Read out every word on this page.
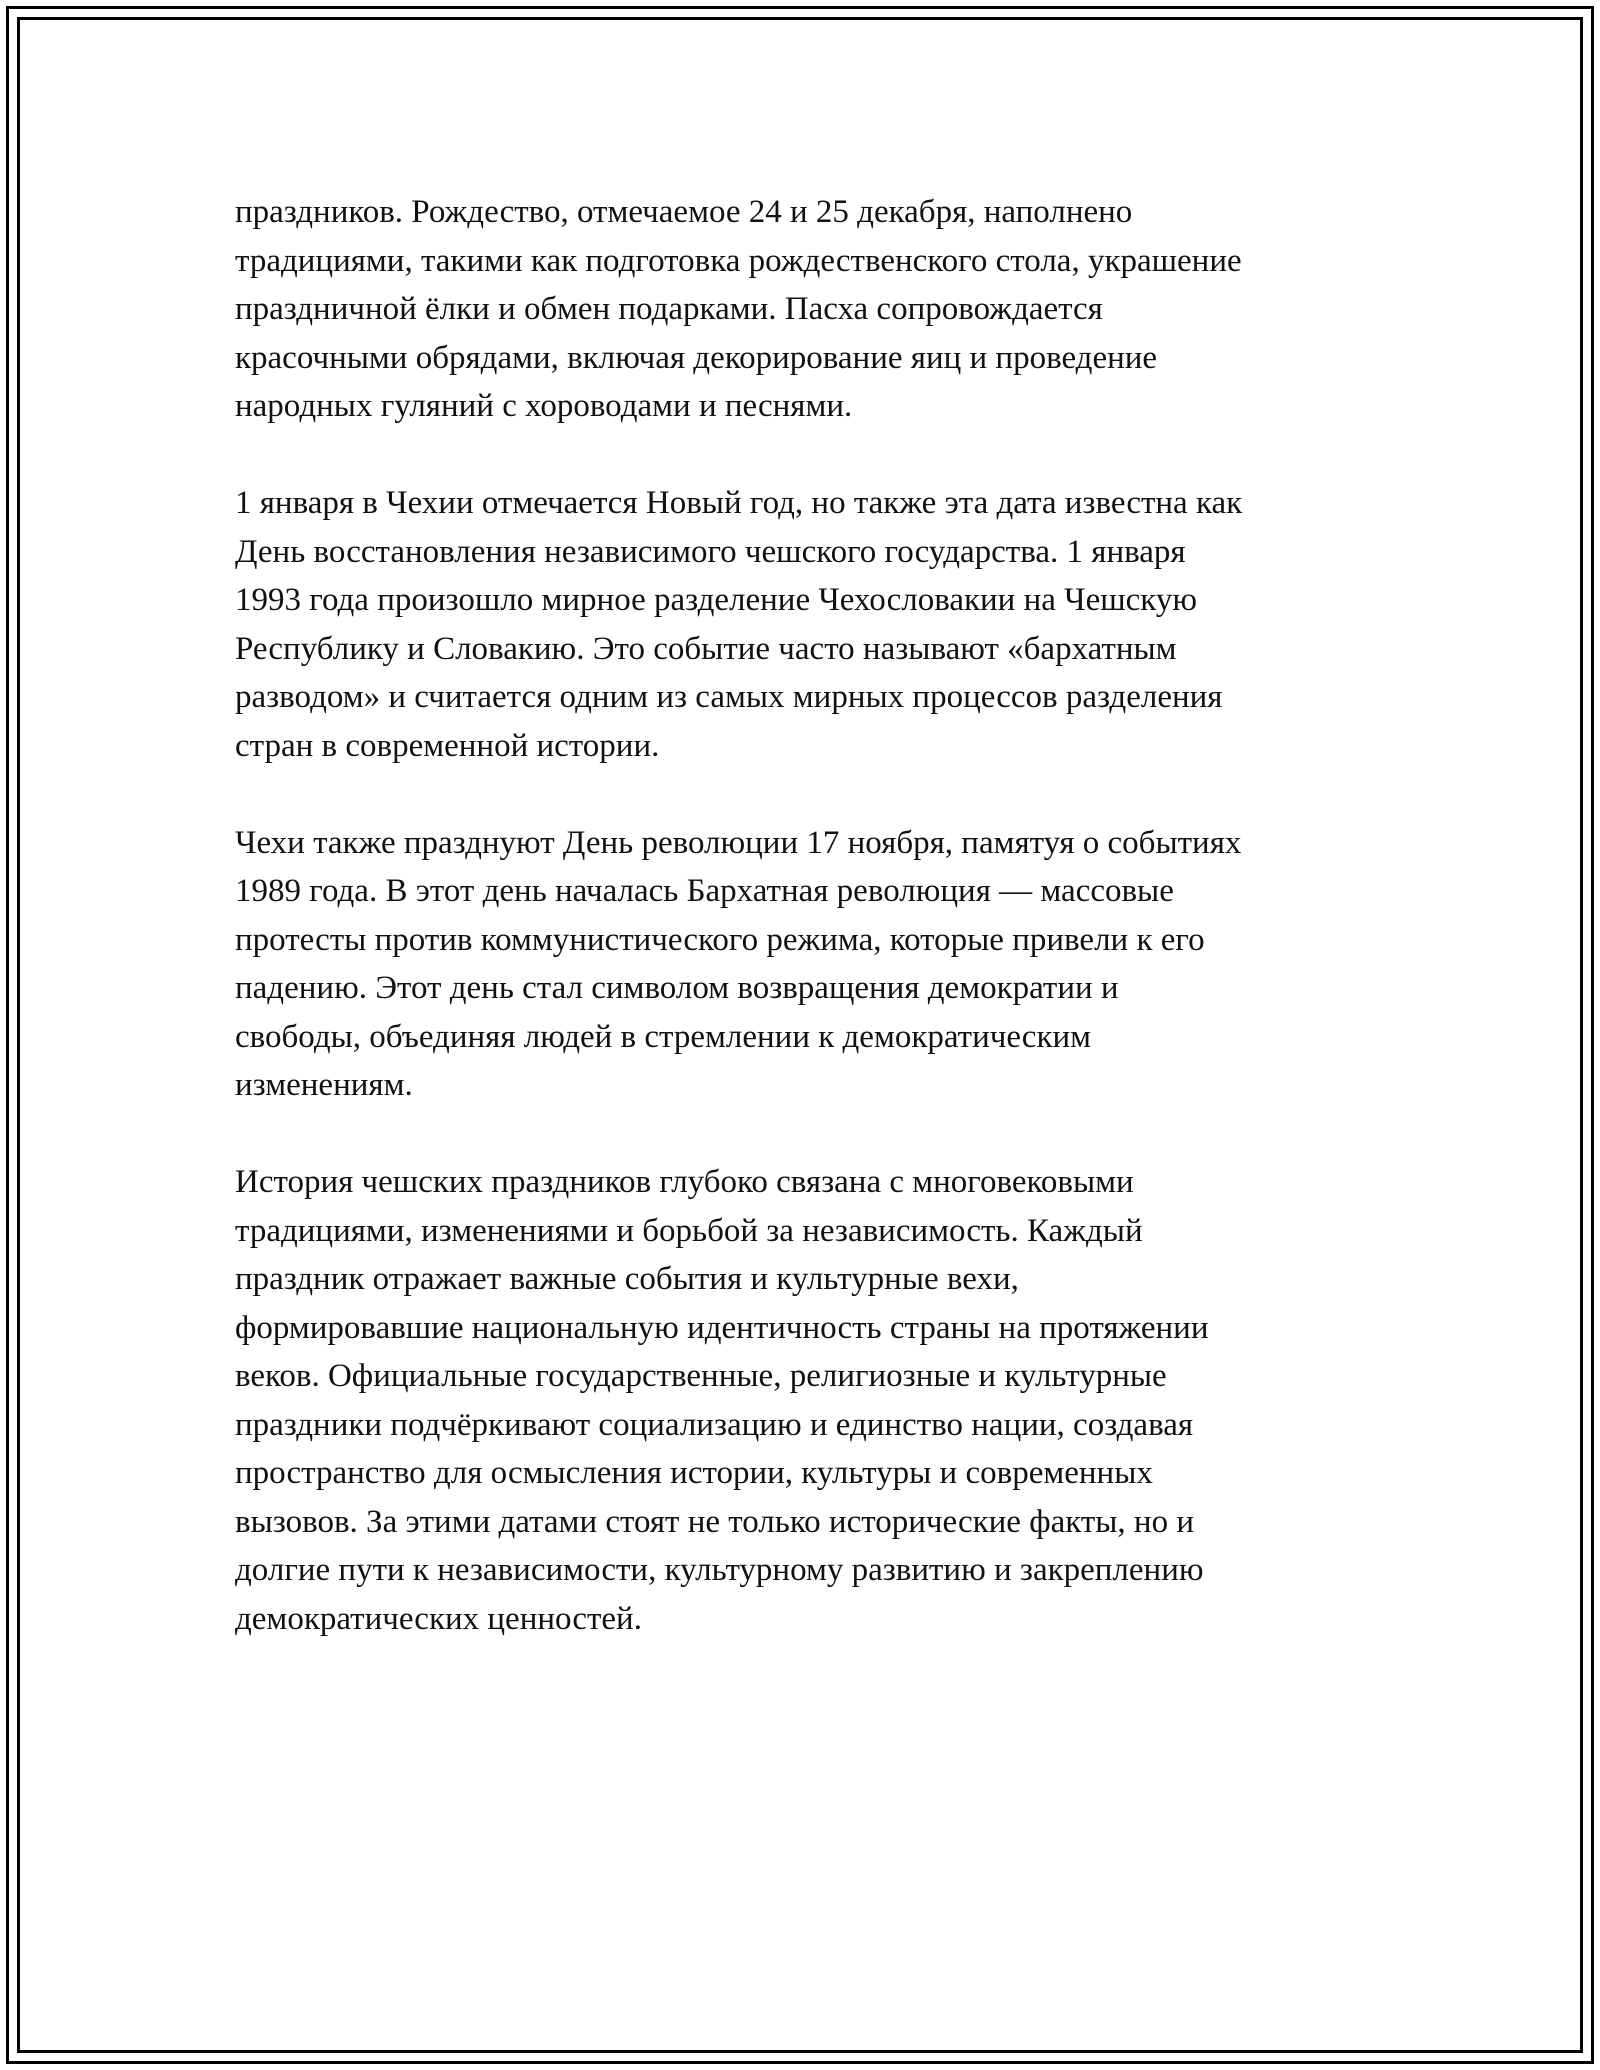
праздников. Рождество, отмечаемое 24 и 25 декабря, наполнено
традициями, такими как подготовка рождественского стола, украшение
праздничной ёлки и обмен подарками. Пасха сопровождается
красочными обрядами, включая декорирование яиц и проведение
народных гуляний с хороводами и песнями.

1 января в Чехии отмечается Новый год, но также эта дата известна как
День восстановления независимого чешского государства. 1 января
1993 года произошло мирное разделение Чехословакии на Чешскую
Республику и Словакию. Это событие часто называют «бархатным
разводом» и считается одним из самых мирных процессов разделения
стран в современной истории.

Чехи также празднуют День революции 17 ноября, памятуя о событиях
1989 года. В этот день началась Бархатная революция — массовые
протесты против коммунистического режима, которые привели к его
падению. Этот день стал символом возвращения демократии и
свободы, объединяя людей в стремлении к демократическим
изменениям.

История чешских праздников глубоко связана с многовековыми
традициями, изменениями и борьбой за независимость. Каждый
праздник отражает важные события и культурные вехи,
формировавшие национальную идентичность страны на протяжении
веков. Официальные государственные, религиозные и культурные
праздники подчёркивают социализацию и единство нации, создавая
пространство для осмысления истории, культуры и современных
вызовов. За этими датами стоят не только исторические факты, но и
долгие пути к независимости, культурному развитию и закреплению
демократических ценностей.
